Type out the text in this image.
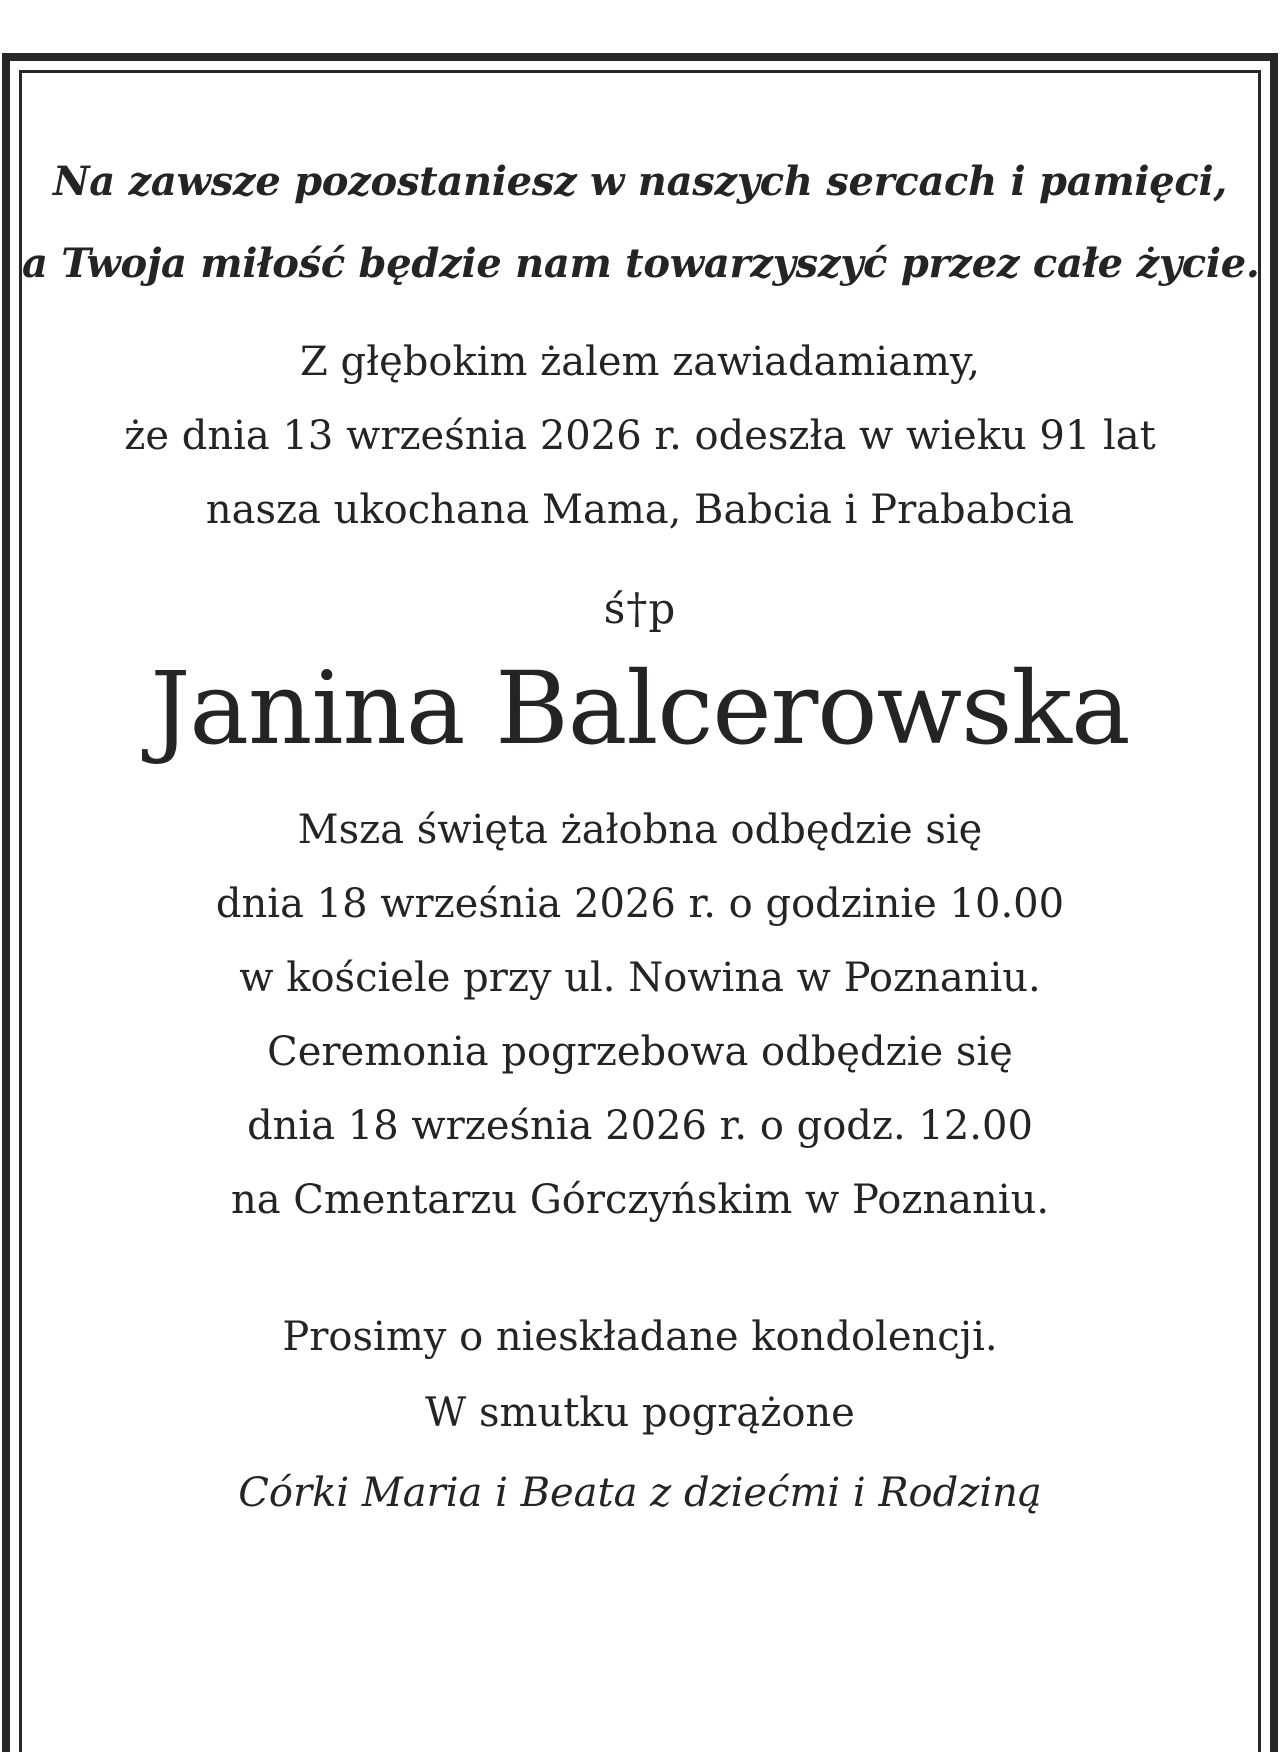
Na zawsze pozostaniesz w naszych sercach i pamięci,
a Twoja miłość będzie nam towarzyszyć przez całe życie.

Z głębokim żalem zawiadamiamy,
że dnia 13 września 2026 r. odeszła w wieku 91 lat
nasza ukochana Mama, Babcia i Prababcia

ś†p

Janina Balcerowska

Msza święta żałobna odbędzie się
dnia 18 września 2026 r. o godzinie 10.00
w kościele przy ul. Nowina w Poznaniu.
Ceremonia pogrzebowa odbędzie się
dnia 18 września 2026 r. o godz. 12.00
na Cmentarzu Górczyńskim w Poznaniu.

Prosimy o nieskładane kondolencji.
W smutku pogrążone

Córki Maria i Beata z dziećmi i Rodziną
